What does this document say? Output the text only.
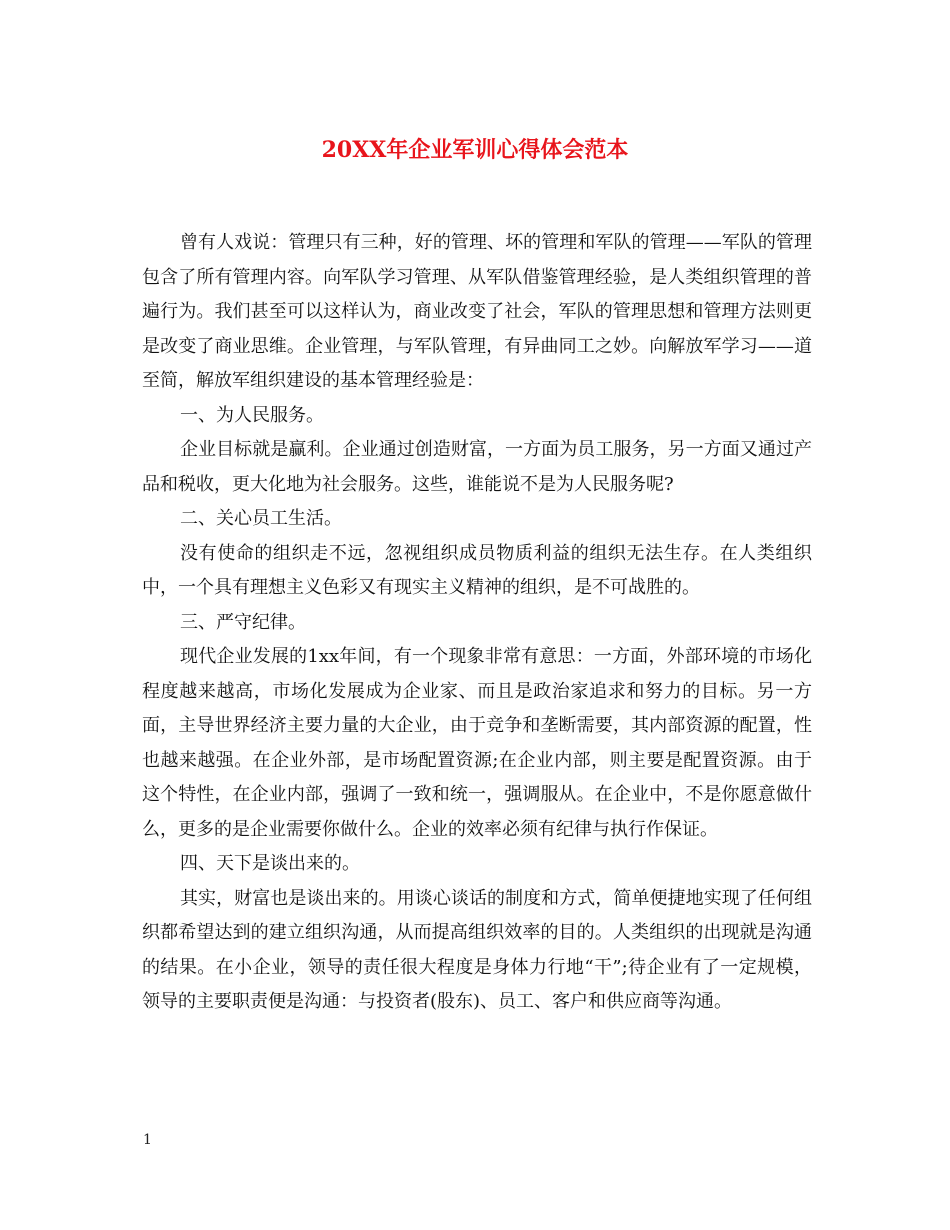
20XX年企业军训心得体会范本

曾有人戏说：管理只有三种，好的管理、坏的管理和军队的管理——军队的管理包含了所有管理内容。向军队学习管理、从军队借鉴管理经验，是人类组织管理的普遍行为。我们甚至可以这样认为，商业改变了社会，军队的管理思想和管理方法则更是改变了商业思维。企业管理，与军队管理，有异曲同工之妙。向解放军学习——道至简，解放军组织建设的基本管理经验是：

一、为人民服务。

企业目标就是赢利。企业通过创造财富，一方面为员工服务，另一方面又通过产品和税收，更大化地为社会服务。这些，谁能说不是为人民服务呢?

二、关心员工生活。

没有使命的组织走不远，忽视组织成员物质利益的组织无法生存。在人类组织中，一个具有理想主义色彩又有现实主义精神的组织，是不可战胜的。

三、严守纪律。

现代企业发展的1xx年间，有一个现象非常有意思：一方面，外部环境的市场化程度越来越高，市场化发展成为企业家、而且是政治家追求和努力的目标。另一方面，主导世界经济主要力量的大企业，由于竞争和垄断需要，其内部资源的配置，性也越来越强。在企业外部，是市场配置资源;在企业内部，则主要是配置资源。由于这个特性，在企业内部，强调了一致和统一，强调服从。在企业中，不是你愿意做什么，更多的是企业需要你做什么。企业的效率必须有纪律与执行作保证。

四、天下是谈出来的。

其实，财富也是谈出来的。用谈心谈话的制度和方式，简单便捷地实现了任何组织都希望达到的建立组织沟通，从而提高组织效率的目的。人类组织的出现就是沟通的结果。在小企业，领导的责任很大程度是身体力行地“干”;待企业有了一定规模，领导的主要职责便是沟通：与投资者(股东)、员工、客户和供应商等沟通。

1
